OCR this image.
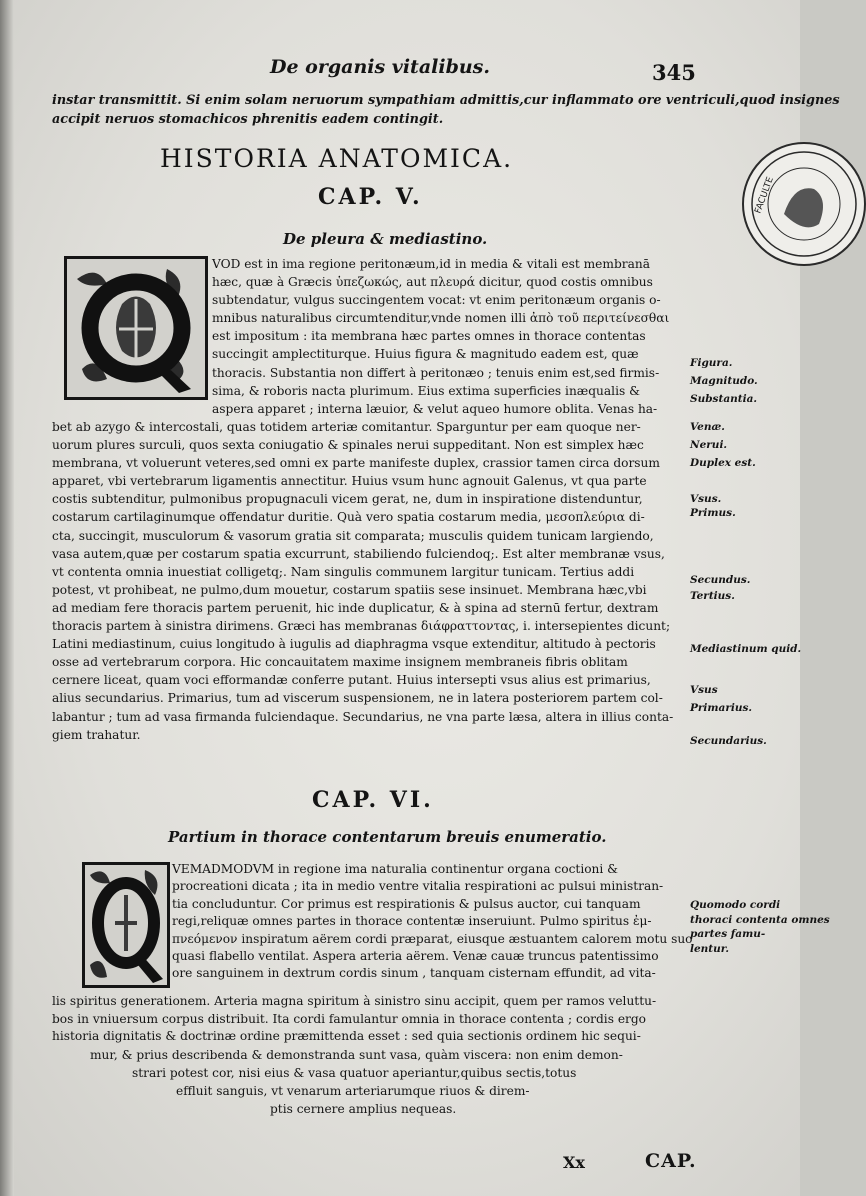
De organis vitalibus.	345
instar transmittit. Si enim solam neruorum sympathiam admittis,cur inflammato ore ventriculi,quod insignes
accipit neruos stomachicos phrenitis eadem contingit.
HISTORIA ANATOMICA.
FACULTE
CAP. V.
De pleura & mediastino.
VOD est in ima regione peritonæum,id in media & vitali est membranā
hæc, quæ à Græcis ὑπεζωκώς, aut πλευρά dicitur, quod costis omnibus
subtendatur, vulgus succingentem vocat: vt enim peritonæum organis o-
mnibus naturalibus circumtenditur,vnde nomen illi ἀπὸ τοῦ περιτείνεσθαι
est impositum : ita membrana hæc partes omnes in thorace contentas
succingit amplectiturque. Huius figura & magnitudo eadem est, quæ
thoracis. Substantia non differt à peritonæo ; tenuis enim est,sed firmis-
sima, & roboris nacta plurimum. Eius extima superficies inæqualis &
aspera apparet ; interna læuior, & velut aqueo humore oblita. Venas ha-
bet ab azygo & intercostali, quas totidem arteriæ comitantur. Sparguntur per eam quoque ner-
uorum plures surculi, quos sexta coniugatio & spinales nerui suppeditant. Non est simplex hæc
membrana, vt voluerunt veteres,sed omni ex parte manifeste duplex, crassior tamen circa dorsum
apparet, vbi vertebrarum ligamentis annectitur. Huius vsum hunc agnouit Galenus, vt qua parte
costis subtenditur, pulmonibus propugnaculi vicem gerat, ne, dum in inspiratione distenduntur,
costarum cartilaginumque offendatur duritie. Quà vero spatia costarum media, μεσοπλεύρια di-
cta, succingit, musculorum & vasorum gratia sit comparata; musculis quidem tunicam largiendo,
vasa autem,quæ per costarum spatia excurrunt, stabiliendo fulciendoq;. Est alter membranæ vsus,
vt contenta omnia inuestiat colligetq;. Nam singulis communem largitur tunicam. Tertius addi
potest, vt prohibeat, ne pulmo,dum mouetur, costarum spatiis sese insinuet. Membrana hæc,vbi
ad mediam fere thoracis partem peruenit, hic inde duplicatur, & à spina ad sternū fertur, dextram
thoracis partem à sinistra dirimens. Græci has membranas διάφραττοντας, i. intersepientes dicunt;
Latini mediastinum, cuius longitudo à iugulis ad diaphragma vsque extenditur, altitudo à pectoris
osse ad vertebrarum corpora. Hic concauitatem maxime insignem membraneis fibris oblitam
cernere liceat, quam voci efformandæ conferre putant. Huius intersepti vsus alius est primarius,
alius secundarius. Primarius, tum ad viscerum suspensionem, ne in latera posteriorem partem col-
labantur ; tum ad vasa firmanda fulciendaque. Secundarius, ne vna parte læsa, altera in illius conta-
giem trahatur.
Figura.
Magnitudo.
Substantia.
Venæ.
Nerui.
Duplex est.
Vsus.
Primus.
Secundus.
Tertius.
Mediastinum quid.
Vsus
Primarius.
Secundarius.
CAP. VI.
Partium in thorace contentarum breuis enumeratio.
VEMADMODVM in regione ima naturalia continentur organa coctioni &
procreationi dicata ; ita in medio ventre vitalia respirationi ac pulsui ministran-
tia concluduntur. Cor primus est respirationis & pulsus auctor, cui tanquam
regi,reliquæ omnes partes in thorace contentæ inseruiunt. Pulmo spiritus ἐμ-
πνεόμενον inspiratum aërem cordi præparat, eiusque æstuantem calorem motu suo
quasi flabello ventilat. Aspera arteria aërem. Venæ cauæ truncus patentissimo
ore sanguinem in dextrum cordis sinum , tanquam cisternam effundit, ad vita-
lis spiritus generationem. Arteria magna spiritum à sinistro sinu accipit, quem per ramos veluttu-
bos in vniuersum corpus distribuit. Ita cordi famulantur omnia in thorace contenta ; cordis ergo
historia dignitatis & doctrinæ ordine præmittenda esset : sed quia sectionis ordinem hic sequi-
mur, & prius describenda & demonstranda sunt vasa, quàm viscera: non enim demon-
strari potest cor, nisi eius & vasa quatuor aperiantur,quibus sectis,totus
effluit sanguis, vt venarum arteriarumque riuos & direm-
ptis cernere amplius nequeas.
Quomodo cordi
thoraci contenta omnes
partes famu-
lentur.
Xx	CAP.
